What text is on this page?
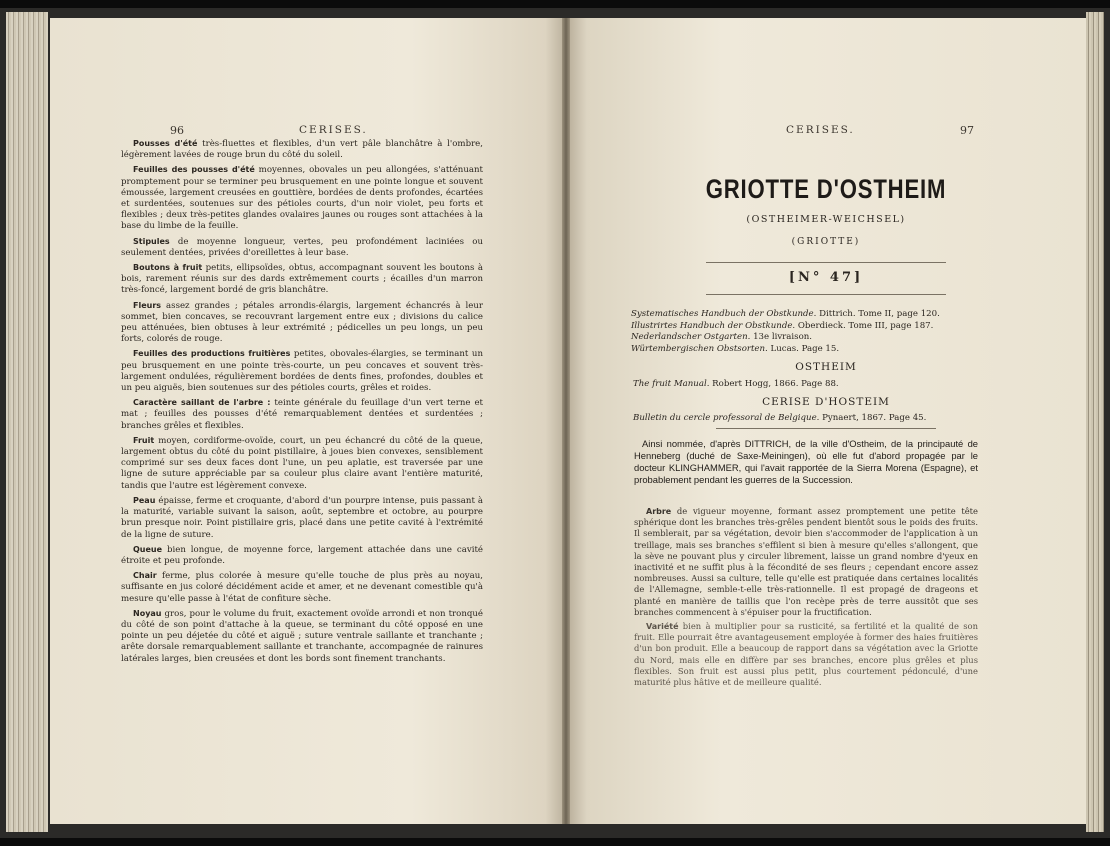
96	CERISES.

Pousses d'été très-fluettes et flexibles, d'un vert pâle blanchâtre à l'ombre, légèrement lavées de rouge brun du côté du soleil.

Feuilles des pousses d'été moyennes, obovales un peu allongées, s'atténuant promptement pour se terminer peu brusquement en une pointe longue et souvent émoussée, largement creusées en gouttière, bordées de dents profondes, écartées et surdentées, soutenues sur des pétioles courts, d'un noir violet, peu forts et flexibles ; deux très-petites glandes ovalaires jaunes ou rouges sont attachées à la base du limbe de la feuille.

Stipules de moyenne longueur, vertes, peu profondément laciniées ou seulement dentées, privées d'oreillettes à leur base.

Boutons à fruit petits, ellipsoïdes, obtus, accompagnant souvent les boutons à bois, rarement réunis sur des dards extrêmement courts ; écailles d'un marron très-foncé, largement bordé de gris blanchâtre.

Fleurs assez grandes ; pétales arrondis-élargis, largement échancrés à leur sommet, bien concaves, se recouvrant largement entre eux ; divisions du calice peu atténuées, bien obtuses à leur extrémité ; pédicelles un peu longs, un peu forts, colorés de rouge.

Feuilles des productions fruitières petites, obovales-élargies, se terminant un peu brusquement en une pointe très-courte, un peu concaves et souvent très-largement ondulées, régulièrement bordées de dents fines, profondes, doubles et un peu aiguës, bien soutenues sur des pétioles courts, grêles et roides.

Caractère saillant de l'arbre : teinte générale du feuillage d'un vert terne et mat ; feuilles des pousses d'été remarquablement dentées et surdentées ; branches grêles et flexibles.

Fruit moyen, cordiforme-ovoïde, court, un peu échancré du côté de la queue, largement obtus du côté du point pistillaire, à joues bien convexes, sensiblement comprimé sur ses deux faces dont l'une, un peu aplatie, est traversée par une ligne de suture appréciable par sa couleur plus claire avant l'entière maturité, tandis que l'autre est légèrement convexe.

Peau épaisse, ferme et croquante, d'abord d'un pourpre intense, puis passant à la maturité, variable suivant la saison, août, septembre et octobre, au pourpre brun presque noir. Point pistillaire gris, placé dans une petite cavité à l'extrémité de la ligne de suture.

Queue bien longue, de moyenne force, largement attachée dans une cavité étroite et peu profonde.

Chair ferme, plus colorée à mesure qu'elle touche de plus près au noyau, suffisante en jus coloré décidément acide et amer, et ne devenant comestible qu'à mesure qu'elle passe à l'état de confiture sèche.

Noyau gros, pour le volume du fruit, exactement ovoïde arrondi et non tronqué du côté de son point d'attache à la queue, se terminant du côté opposé en une pointe un peu déjetée du côté et aiguë ; suture ventrale saillante et tranchante ; arête dorsale remarquablement saillante et tranchante, accompagnée de rainures latérales larges, bien creusées et dont les bords sont finement tranchants.

CERISES.	97
GRIOTTE D'OSTHEIM
(OSTHEIMER-WEICHSEL)
(GRIOTTE)
[N° 47]
Systematisches Handbuch der Obstkunde. Dittrich. Tome II, page 120.
Illustrirtes Handbuch der Obstkunde. Oberdieck. Tome III, page 187.
Nederlandscher Ostgarten. 13e livraison.
Würtembergischen Obstsorten. Lucas. Page 15.
OSTHEIM
The fruit Manual. Robert Hogg, 1866. Page 88.
CERISE D'HOSTEIM
Bulletin du cercle professoral de Belgique. Pynaert, 1867. Page 45.

Ainsi nommée, d'après DITTRICH, de la ville d'Ostheim, de la principauté de Henneberg (duché de Saxe-Meiningen), où elle fut d'abord propagée par le docteur KLINGHAMMER, qui l'avait rapportée de la Sierra Morena (Espagne), et probablement pendant les guerres de la Succession.

Arbre de vigueur moyenne, formant assez promptement une petite tête sphérique dont les branches très-grêles pendent bientôt sous le poids des fruits. Il semblerait, par sa végétation, devoir bien s'accommoder de l'application à un treillage, mais ses branches s'effilent si bien à mesure qu'elles s'allongent, que la sève ne pouvant plus y circuler librement, laisse un grand nombre d'yeux en inactivité et ne suffit plus à la fécondité de ses fleurs ; cependant encore assez nombreuses. Aussi sa culture, telle qu'elle est pratiquée dans certaines localités de l'Allemagne, semble-t-elle très-rationnelle. Il est propagé de drageons et planté en manière de taillis que l'on recèpe près de terre aussitôt que ses branches commencent à s'épuiser pour la fructification.

Variété bien à multiplier pour sa rusticité, sa fertilité et la qualité de son fruit. Elle pourrait être avantageusement employée à former des haies fruitières d'un bon produit. Elle a beaucoup de rapport dans sa végétation avec la Griotte du Nord, mais elle en diffère par ses branches, encore plus grêles et plus flexibles. Son fruit est aussi plus petit, plus courtement pédonculé, d'une maturité plus hâtive et de meilleure qualité.
